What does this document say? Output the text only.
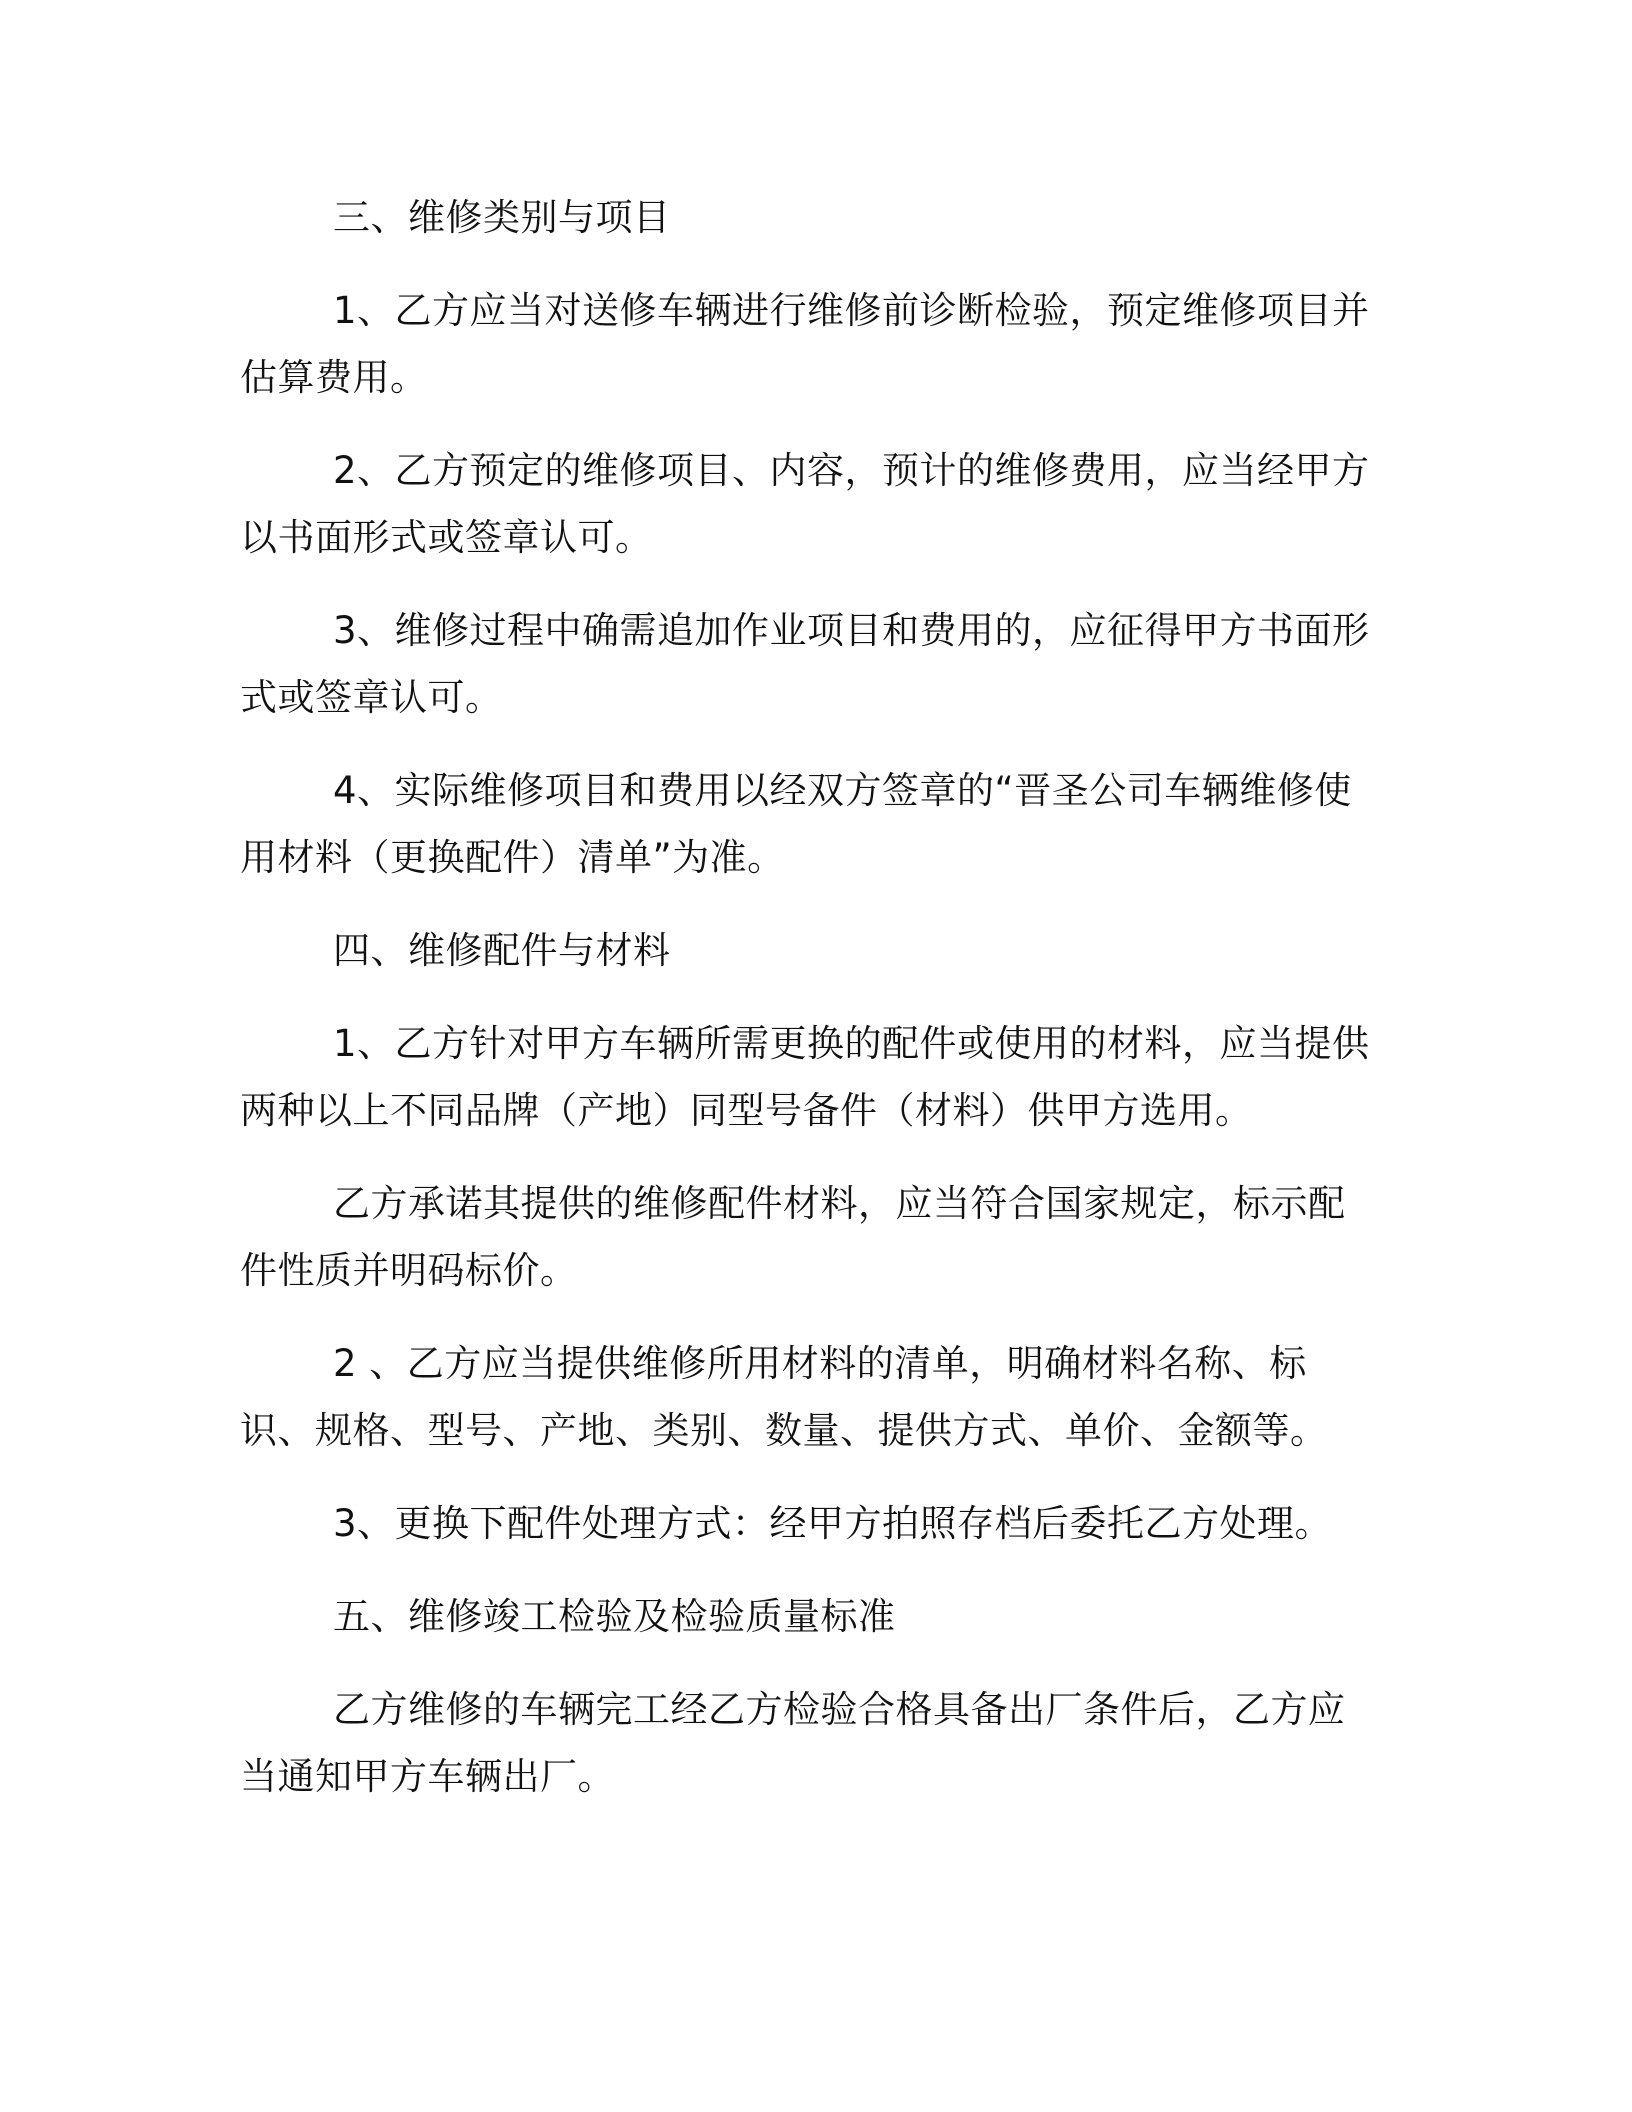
三、维修类别与项目

1、乙方应当对送修车辆进行维修前诊断检验，预定维修项目并估算费用。

2、乙方预定的维修项目、内容，预计的维修费用，应当经甲方以书面形式或签章认可。

3、维修过程中确需追加作业项目和费用的，应征得甲方书面形式或签章认可。

4、实际维修项目和费用以经双方签章的“晋圣公司车辆维修使用材料（更换配件）清单”为准。

四、维修配件与材料

1、乙方针对甲方车辆所需更换的配件或使用的材料，应当提供两种以上不同品牌（产地）同型号备件（材料）供甲方选用。

乙方承诺其提供的维修配件材料，应当符合国家规定，标示配件性质并明码标价。

2 、乙方应当提供维修所用材料的清单，明确材料名称、标识、规格、型号、产地、类别、数量、提供方式、单价、金额等。

3、更换下配件处理方式：经甲方拍照存档后委托乙方处理。

五、维修竣工检验及检验质量标准

乙方维修的车辆完工经乙方检验合格具备出厂条件后，乙方应当通知甲方车辆出厂。
